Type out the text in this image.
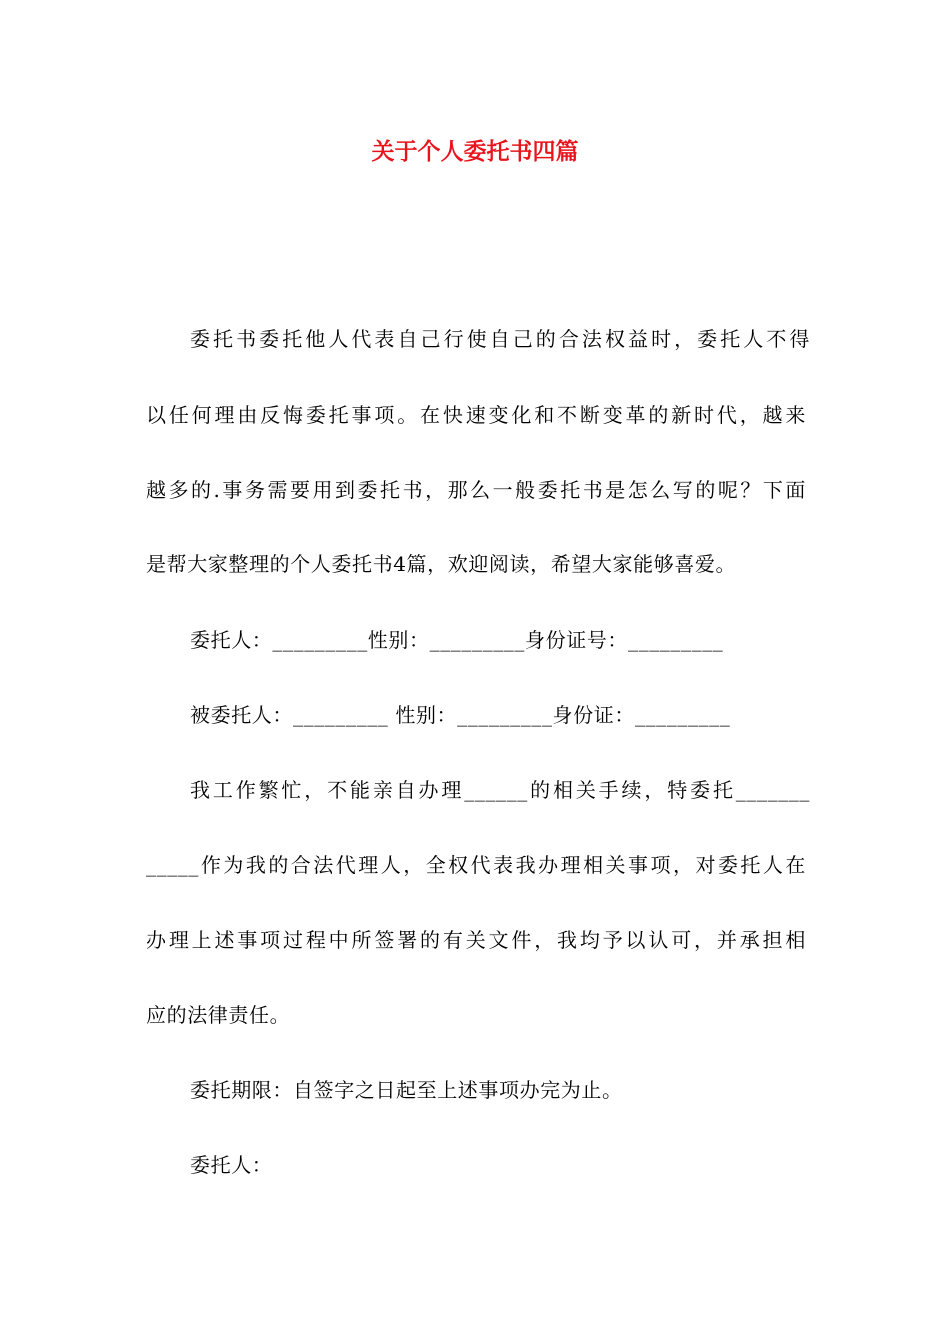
关于个人委托书四篇
委托书委托他人代表自己行使自己的合法权益时，委托人不得
以任何理由反悔委托事项。在快速变化和不断变革的新时代，越来
越多的.事务需要用到委托书，那么一般委托书是怎么写的呢？下面
是帮大家整理的个人委托书4篇，欢迎阅读，希望大家能够喜爱。
委托人：_________性别：_________身份证号：_________
被委托人：_________ 性别：_________身份证：_________
我工作繁忙，不能亲自办理______的相关手续，特委托_______
_____作为我的合法代理人，全权代表我办理相关事项，对委托人在
办理上述事项过程中所签署的有关文件，我均予以认可，并承担相
应的法律责任。
委托期限：自签字之日起至上述事项办完为止。
委托人：
